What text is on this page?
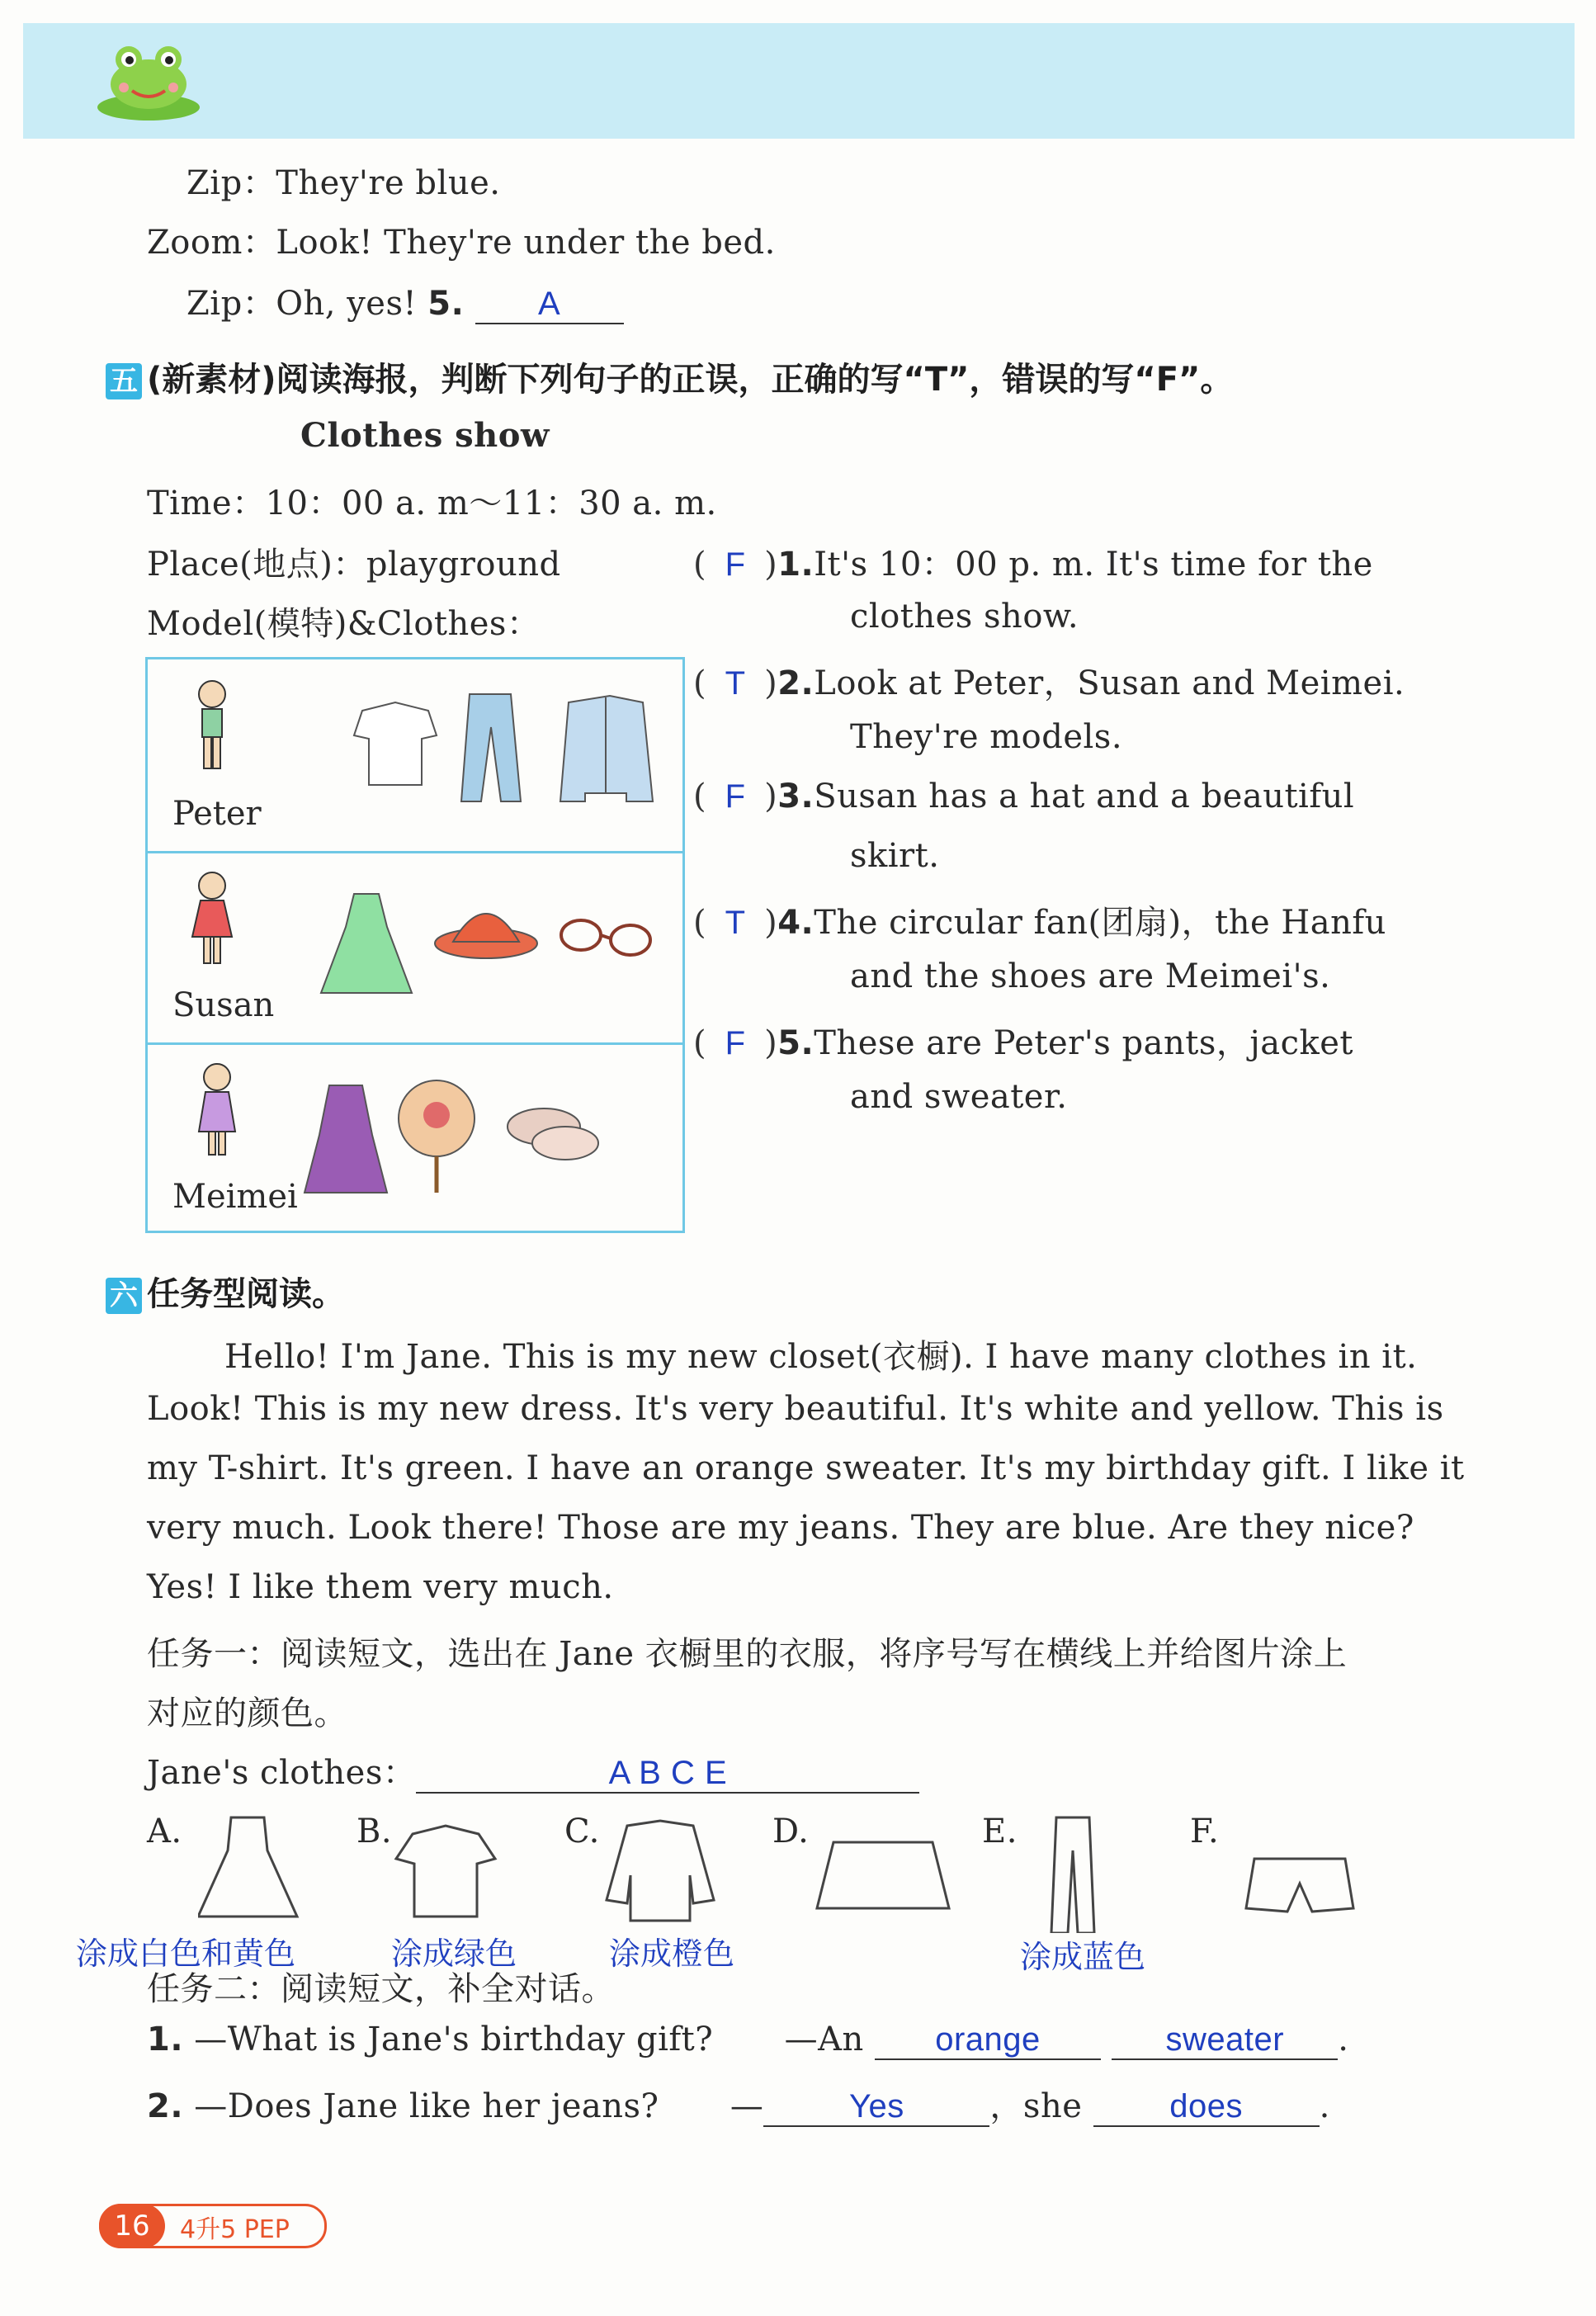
Zip：They're blue.
Zoom：Look! They're under the bed.
Zip：Oh, yes! 5. A
五 (新素材)阅读海报，判断下列句子的正误，正确的写“T”，错误的写“F”。
Clothes show
Time：10：00 a. m～11：30 a. m.
Place(地点)：playground
Model(模特)&Clothes：
Peter
Susan
Meimei
( F )1.It's 10：00 p. m. It's time for the
clothes show.
( T )2.Look at Peter，Susan and Meimei.
They're models.
( F )3.Susan has a hat and a beautiful
skirt.
( T )4.The circular fan(团扇)，the Hanfu
and the shoes are Meimei's.
( F )5.These are Peter's pants，jacket
and sweater.
六 任务型阅读。
Hello! I'm Jane. This is my new closet(衣橱). I have many clothes in it.
Look! This is my new dress. It's very beautiful. It's white and yellow. This is
my T-shirt. It's green. I have an orange sweater. It's my birthday gift. I like it
very much. Look there! Those are my jeans. They are blue. Are they nice?
Yes! I like them very much.
任务一：阅读短文，选出在 Jane 衣橱里的衣服，将序号写在横线上并给图片涂上
对应的颜色。
Jane's clothes：	A B C E
A.	B.	C.	D.	E.	F.
涂成白色和黄色	涂成绿色	涂成橙色	涂成蓝色
任务二：阅读短文，补全对话。
1. —What is Jane's birthday gift? —An orange	sweater .
2. —Does Jane like her jeans? —	Yes	，she	does .
16	4升5 PEP
